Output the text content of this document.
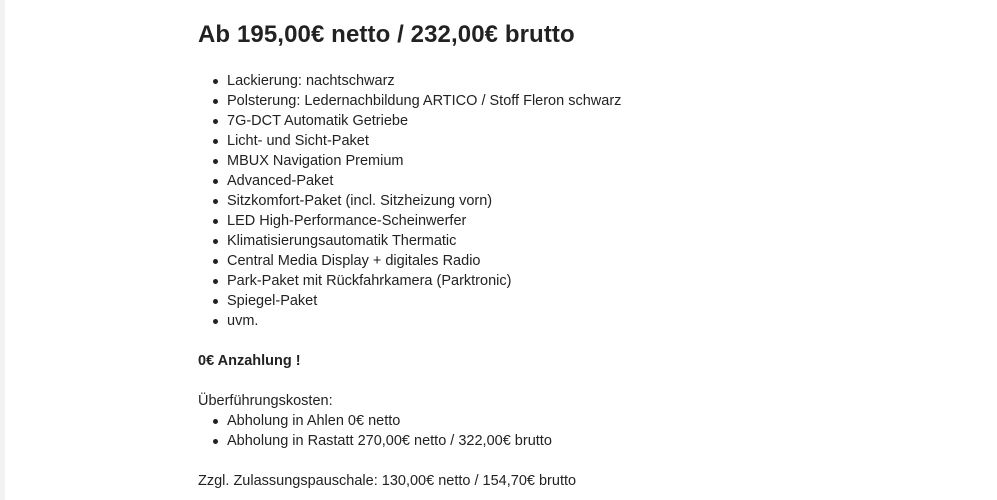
Ab 195,00€ netto / 232,00€ brutto
Lackierung: nachtschwarz
Polsterung: Ledernachbildung ARTICO / Stoff Fleron schwarz
7G-DCT Automatik Getriebe
Licht- und Sicht-Paket
MBUX Navigation Premium
Advanced-Paket
Sitzkomfort-Paket (incl. Sitzheizung vorn)
LED High-Performance-Scheinwerfer
Klimatisierungsautomatik Thermatic
Central Media Display + digitales Radio
Park-Paket mit Rückfahrkamera (Parktronic)
Spiegel-Paket
uvm.

0€ Anzahlung !

Überführungskosten:

Abholung in Ahlen 0€ netto
Abholung in Rastatt 270,00€ netto / 322,00€ brutto

Zzgl. Zulassungspauschale: 130,00€ netto / 154,70€ brutto
